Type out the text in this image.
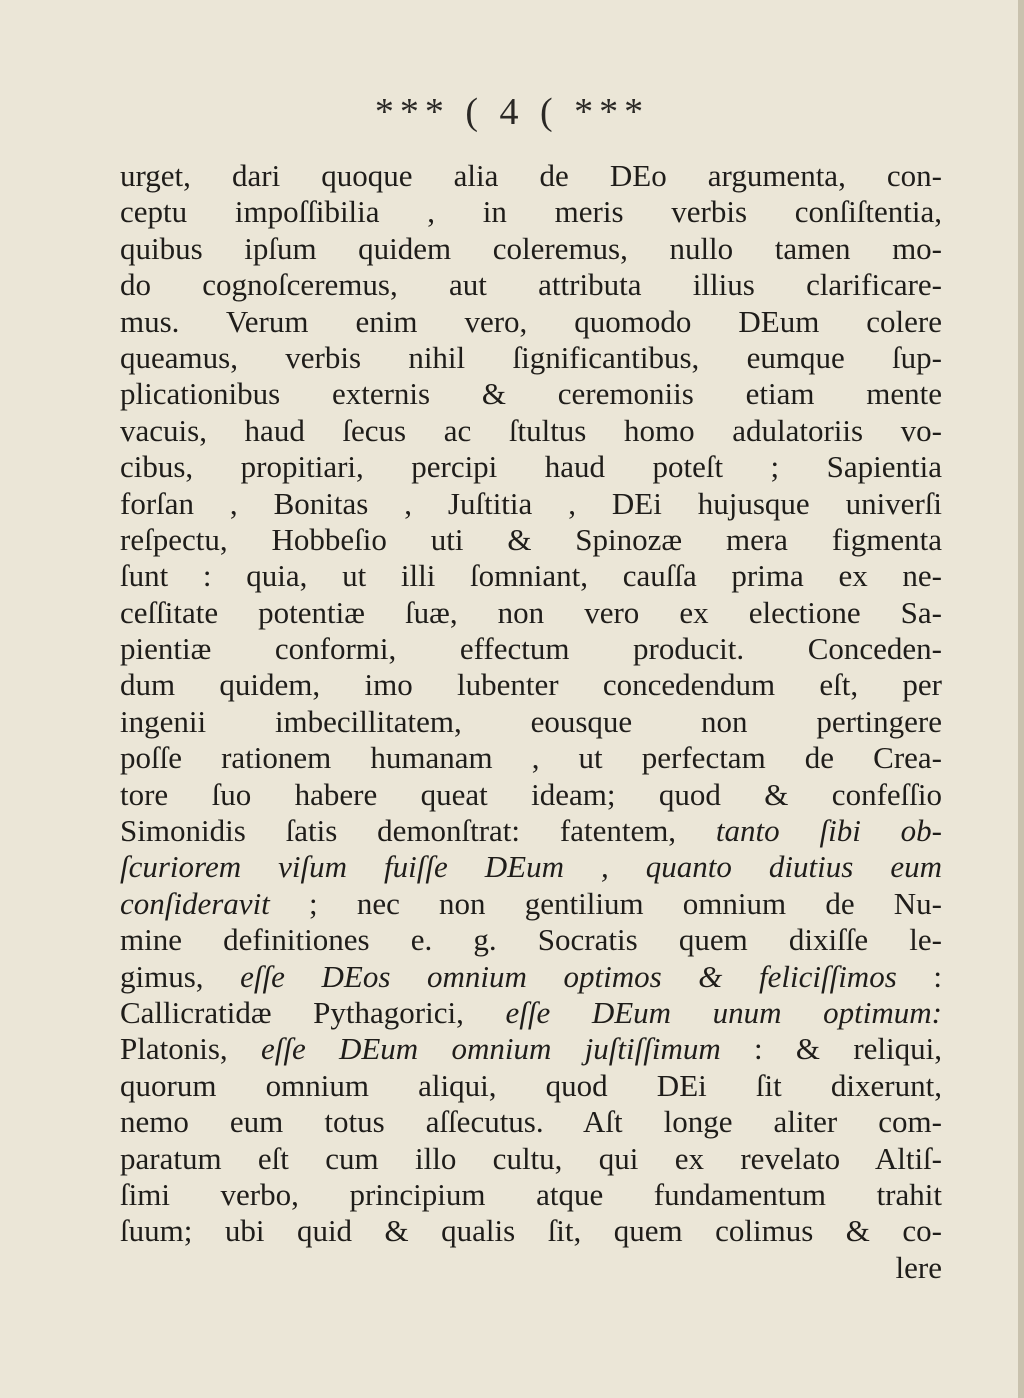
*** ( 4 ( ***
urget, dari quoque alia de DEo argumenta, con-
ceptu impoſſibilia , in meris verbis conſiſtentia,
quibus ipſum quidem coleremus, nullo tamen mo-
do cognoſceremus, aut attributa illius clarificare-
mus. Verum enim vero, quomodo DEum colere
queamus, verbis nihil ſignificantibus, eumque ſup-
plicationibus externis & ceremoniis etiam mente
vacuis, haud ſecus ac ſtultus homo adulatoriis vo-
cibus, propitiari, percipi haud poteſt ; Sapientia
forſan , Bonitas , Juſtitia , DEi hujusque univerſi
reſpectu, Hobbeſio uti & Spinozæ mera figmenta
ſunt : quia, ut illi ſomniant, cauſſa prima ex ne-
ceſſitate potentiæ ſuæ, non vero ex electione Sa-
pientiæ conformi, effectum producit. Conceden-
dum quidem, imo lubenter concedendum eſt, per
ingenii imbecillitatem, eousque non pertingere
poſſe rationem humanam , ut perfectam de Crea-
tore ſuo habere queat ideam; quod & confeſſio
Simonidis ſatis demonſtrat: fatentem, tanto ſibi ob-
ſcuriorem viſum fuiſſe DEum , quanto diutius eum
conſideravit ; nec non gentilium omnium de Nu-
mine definitiones e. g. Socratis quem dixiſſe le-
gimus, eſſe DEos omnium optimos & feliciſſimos :
Callicratidæ Pythagorici, eſſe DEum unum optimum:
Platonis, eſſe DEum omnium juſtiſſimum : & reliqui,
quorum omnium aliqui, quod DEi ſit dixerunt,
nemo eum totus aſſecutus. Aſt longe aliter com-
paratum eſt cum illo cultu, qui ex revelato Altiſ-
ſimi verbo, principium atque fundamentum trahit
ſuum; ubi quid & qualis ſit, quem colimus & co-
lere
